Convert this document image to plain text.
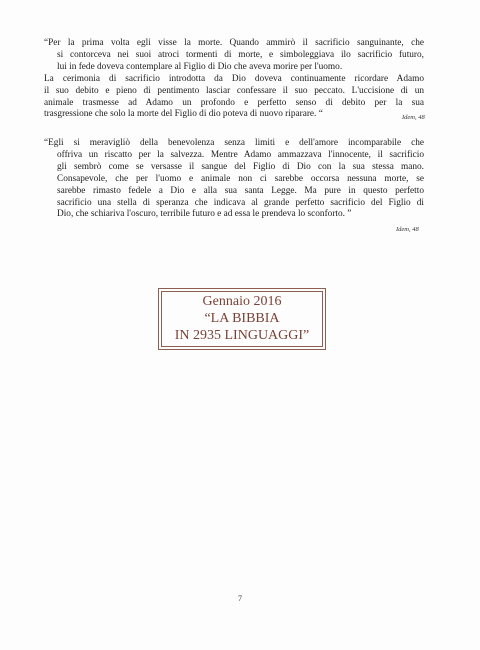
“Per la prima volta egli visse la morte. Quando ammirò il sacrificio sanguinante, che
si contorceva nei suoi atroci tormenti di morte, e simboleggiava ilo sacrificio futuro,
lui in fede doveva contemplare al Figlio di Dio che aveva morire per l'uomo.
La cerimonia di sacrificio introdotta da Dio doveva continuamente ricordare Adamo
il suo debito e pieno di pentimento lasciar confessare il suo peccato. L'uccisione di un
animale trasmesse ad Adamo un profondo e perfetto senso di debito per la sua
trasgressione che solo la morte del Figlio di dio poteva di nuovo riparare. “	Idem, 48
“Egli si meravigliò della benevolenza senza limiti e dell'amore incomparabile che
offriva un riscatto per la salvezza. Mentre Adamo ammazzava l'innocente, il sacrificio
gli sembrò come se versasse il sangue del Figlio di Dio con la sua stessa mano.
Consapevole, che per l'uomo e animale non ci sarebbe occorsa nessuna morte, se
sarebbe rimasto fedele a Dio e alla sua santa Legge. Ma pure in questo perfetto
sacrificio una stella di speranza che indicava al grande perfetto sacrificio del Figlio di
Dio, che schiariva l'oscuro, terribile futuro e ad essa le prendeva lo sconforto. ”
Idem, 48
Gennaio 2016
“LA BIBBIA
IN 2935 LINGUAGGI”
7
